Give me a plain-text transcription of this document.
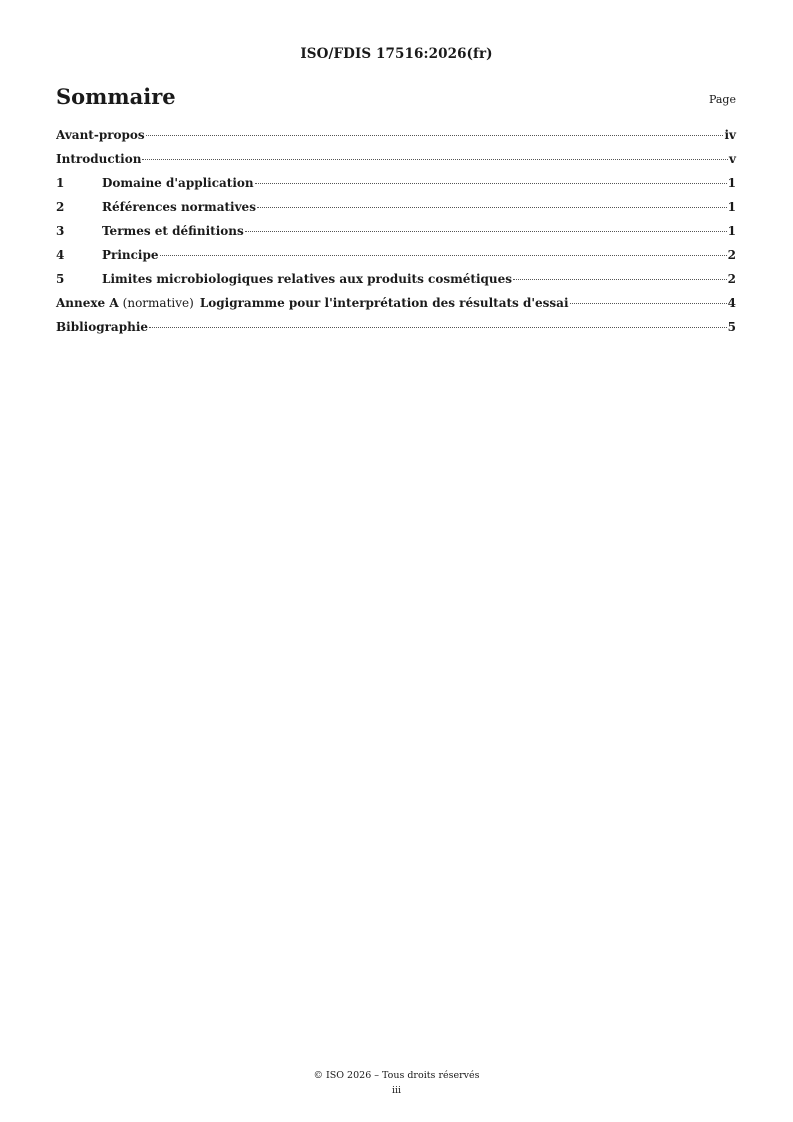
ISO/FDIS 17516:2026(fr)
Sommaire	Page
Avant-propos	iv
Introduction	v
1	Domaine d'application	1
2	Références normatives	1
3	Termes et définitions	1
4	Principe	2
5	Limites microbiologiques relatives aux produits cosmétiques	2
Annexe A (normative) Logigramme pour l'interprétation des résultats d'essai	4
Bibliographie	5
© ISO 2026 – Tous droits réservés
iii
